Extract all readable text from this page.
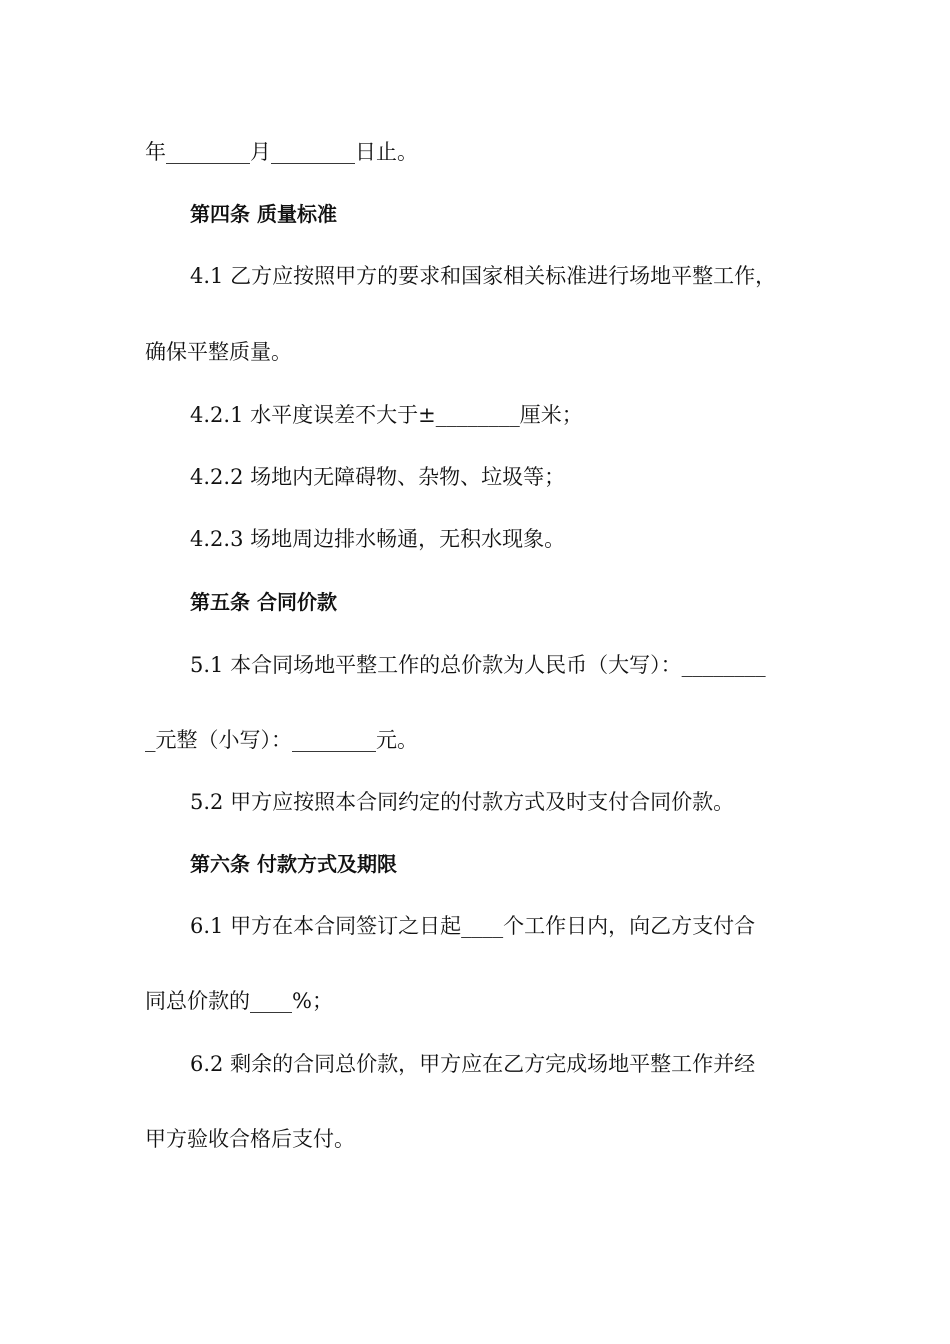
年________月________日止。
第四条 质量标准
4.1 乙方应按照甲方的要求和国家相关标准进行场地平整工作，
确保平整质量。
4.2.1 水平度误差不大于±________厘米；
4.2.2 场地内无障碍物、杂物、垃圾等；
4.2.3 场地周边排水畅通，无积水现象。
第五条 合同价款
5.1 本合同场地平整工作的总价款为人民币（大写）：________
_元整（小写）：________元。
5.2 甲方应按照本合同约定的付款方式及时支付合同价款。
第六条 付款方式及期限
6.1 甲方在本合同签订之日起____个工作日内，向乙方支付合
同总价款的____%；
6.2 剩余的合同总价款，甲方应在乙方完成场地平整工作并经
甲方验收合格后支付。
